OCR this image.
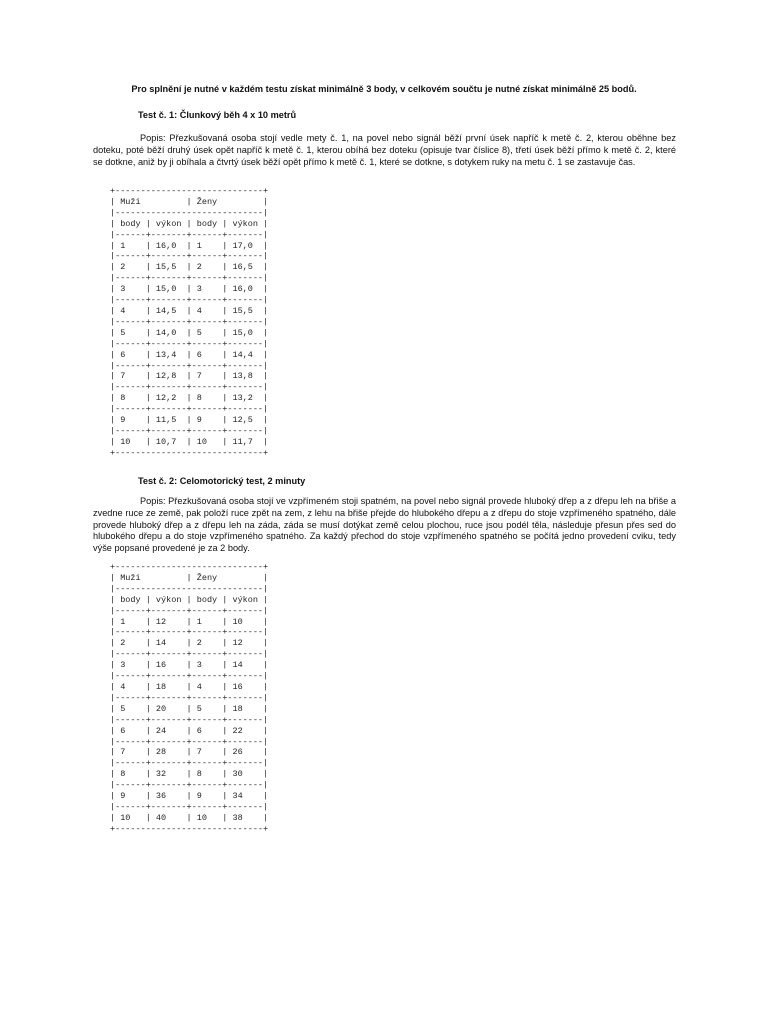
Pro splnění je nutné v každém testu získat minimálně 3 body, v celkovém součtu je nutné získat minimálně 25 bodů.

Test č. 1: Člunkový běh 4 x 10 metrů

Popis: Přezkušovaná osoba stojí vedle mety č. 1, na povel nebo signál běží první úsek napříč k metě č. 2, kterou oběhne bez doteku, poté běží druhý úsek opět napříč k metě č. 1, kterou obíhá bez doteku (opisuje tvar číslice 8), třetí úsek běží přímo k metě č. 2, které se dotkne, aniž by ji obíhala a čtvrtý úsek běží opět přímo k metě č. 1, které se dotkne, s dotykem ruky na metu č. 1 se zastavuje čas.

+-----------------------------+
| Muži         | Ženy         |
|-----------------------------|
| body | výkon | body | výkon |
|------+-------+------+-------|
| 1    | 16,0  | 1    | 17,0  |
|------+-------+------+-------|
| 2    | 15,5  | 2    | 16,5  |
|------+-------+------+-------|
| 3    | 15,0  | 3    | 16,0  |
|------+-------+------+-------|
| 4    | 14,5  | 4    | 15,5  |
|------+-------+------+-------|
| 5    | 14,0  | 5    | 15,0  |
|------+-------+------+-------|
| 6    | 13,4  | 6    | 14,4  |
|------+-------+------+-------|
| 7    | 12,8  | 7    | 13,8  |
|------+-------+------+-------|
| 8    | 12,2  | 8    | 13,2  |
|------+-------+------+-------|
| 9    | 11,5  | 9    | 12,5  |
|------+-------+------+-------|
| 10   | 10,7  | 10   | 11,7  |
+-----------------------------+

Test č. 2: Celomotorický test, 2 minuty

Popis: Přezkušovaná osoba stojí ve vzpřímeném stoji spatném, na povel nebo signál provede hluboký dřep a z dřepu leh na břiše a zvedne ruce ze země, pak položí ruce zpět na zem, z lehu na břiše přejde do hlubokého dřepu a z dřepu do stoje vzpřímeného spatného, dále provede hluboký dřep a z dřepu leh na záda, záda se musí dotýkat země celou plochou, ruce jsou podél těla, následuje přesun přes sed do hlubokého dřepu a do stoje vzpřímeného spatného. Za každý přechod do stoje vzpřímeného spatného se počítá jedno provedení cviku, tedy výše popsané provedené je za 2 body.

+-----------------------------+
| Muži         | Ženy         |
|-----------------------------|
| body | výkon | body | výkon |
|------+-------+------+-------|
| 1    | 12    | 1    | 10    |
|------+-------+------+-------|
| 2    | 14    | 2    | 12    |
|------+-------+------+-------|
| 3    | 16    | 3    | 14    |
|------+-------+------+-------|
| 4    | 18    | 4    | 16    |
|------+-------+------+-------|
| 5    | 20    | 5    | 18    |
|------+-------+------+-------|
| 6    | 24    | 6    | 22    |
|------+-------+------+-------|
| 7    | 28    | 7    | 26    |
|------+-------+------+-------|
| 8    | 32    | 8    | 30    |
|------+-------+------+-------|
| 9    | 36    | 9    | 34    |
|------+-------+------+-------|
| 10   | 40    | 10   | 38    |
+-----------------------------+
